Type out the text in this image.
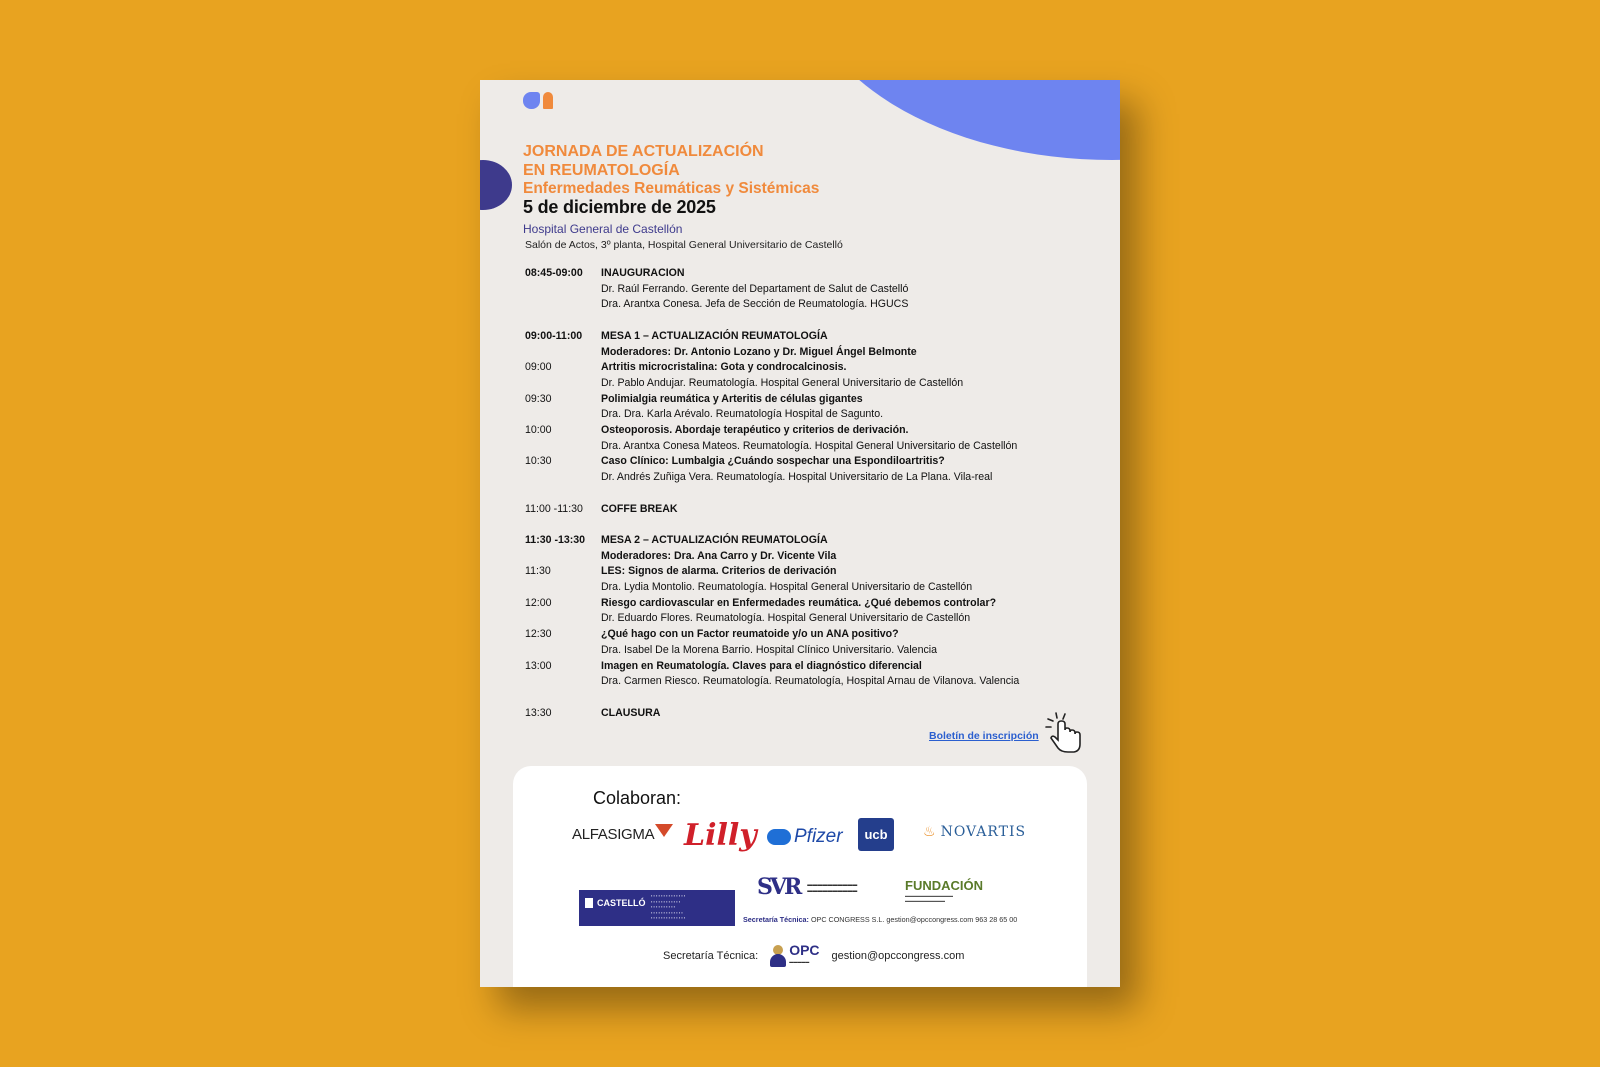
JORNADA DE ACTUALIZACIÓN
EN REUMATOLOGÍA
Enfermedades Reumáticas y Sistémicas
5 de diciembre de 2025
Hospital General de Castellón
Salón de Actos, 3º planta, Hospital General Universitario de Castelló
08:45-09:00	INAUGURACION
Dr. Raúl Ferrando. Gerente del Departament de Salut de Castelló
Dra. Arantxa Conesa. Jefa de Sección de Reumatología. HGUCS
09:00-11:00	MESA 1 – ACTUALIZACIÓN REUMATOLOGÍA
Moderadores: Dr. Antonio Lozano y Dr. Miguel Ángel Belmonte
09:00	Artritis microcristalina: Gota y condrocalcinosis.
Dr. Pablo Andujar. Reumatología. Hospital General Universitario de Castellón
09:30	Polimialgia reumática y Arteritis de células gigantes
Dra. Dra. Karla Arévalo. Reumatología Hospital de Sagunto.
10:00	Osteoporosis. Abordaje terapéutico y criterios de derivación.
Dra. Arantxa Conesa Mateos. Reumatología. Hospital General Universitario de Castellón
10:30	Caso Clínico: Lumbalgia ¿Cuándo sospechar una Espondiloartritis?
Dr. Andrés Zuñiga Vera. Reumatología. Hospital Universitario de La Plana. Vila-real
11:00 -11:30	COFFE BREAK
11:30 -13:30	MESA 2 – ACTUALIZACIÓN REUMATOLOGÍA
Moderadores: Dra. Ana Carro y Dr. Vicente Vila
11:30	LES: Signos de alarma. Criterios de derivación
Dra. Lydia Montolio. Reumatología. Hospital General Universitario de Castellón
12:00	Riesgo cardiovascular en Enfermedades reumática. ¿Qué debemos controlar?
Dr. Eduardo Flores. Reumatología. Hospital General Universitario de Castellón
12:30	¿Qué hago con un Factor reumatoide y/o un ANA positivo?
Dra. Isabel De la Morena Barrio. Hospital Clínico Universitario. Valencia
13:00	Imagen en Reumatología. Claves para el diagnóstico diferencial
Dra. Carmen Riesco. Reumatología. Reumatología, Hospital Arnau de Vilanova. Valencia
13:30	CLAUSURA
Boletín de inscripción
Colaboran:
ALFASIGMA Lilly	Pfizer	ucb	♨ NOVARTIS
CASTELLÓ
▪ ▪ ▪ ▪ ▪ ▪ ▪ ▪ ▪ ▪ ▪ ▪ ▪ ▪
▪ ▪ ▪ ▪ ▪ ▪ ▪ ▪ ▪ ▪ ▪ ▪
▪ ▪ ▪ ▪ ▪ ▪ ▪ ▪ ▪ ▪
▪ ▪ ▪ ▪ ▪ ▪ ▪ ▪ ▪ ▪ ▪ ▪ ▪
▪ ▪ ▪ ▪ ▪ ▪ ▪ ▪ ▪ ▪ ▪ ▪ ▪ ▪
SVR ▬▬▬▬▬▬▬▬▬▬
▬▬▬▬▬▬▬▬▬▬	FUNDACIÓN
▬▬▬▬▬▬▬▬▬▬▬▬
▬▬▬▬▬▬▬▬▬▬
Secretaría Técnica: OPC CONGRESS S.L. gestion@opccongress.com 963 28 65 00
Secretaría Técnica: OPC
▬▬▬▬▬	gestion@opccongress.com
